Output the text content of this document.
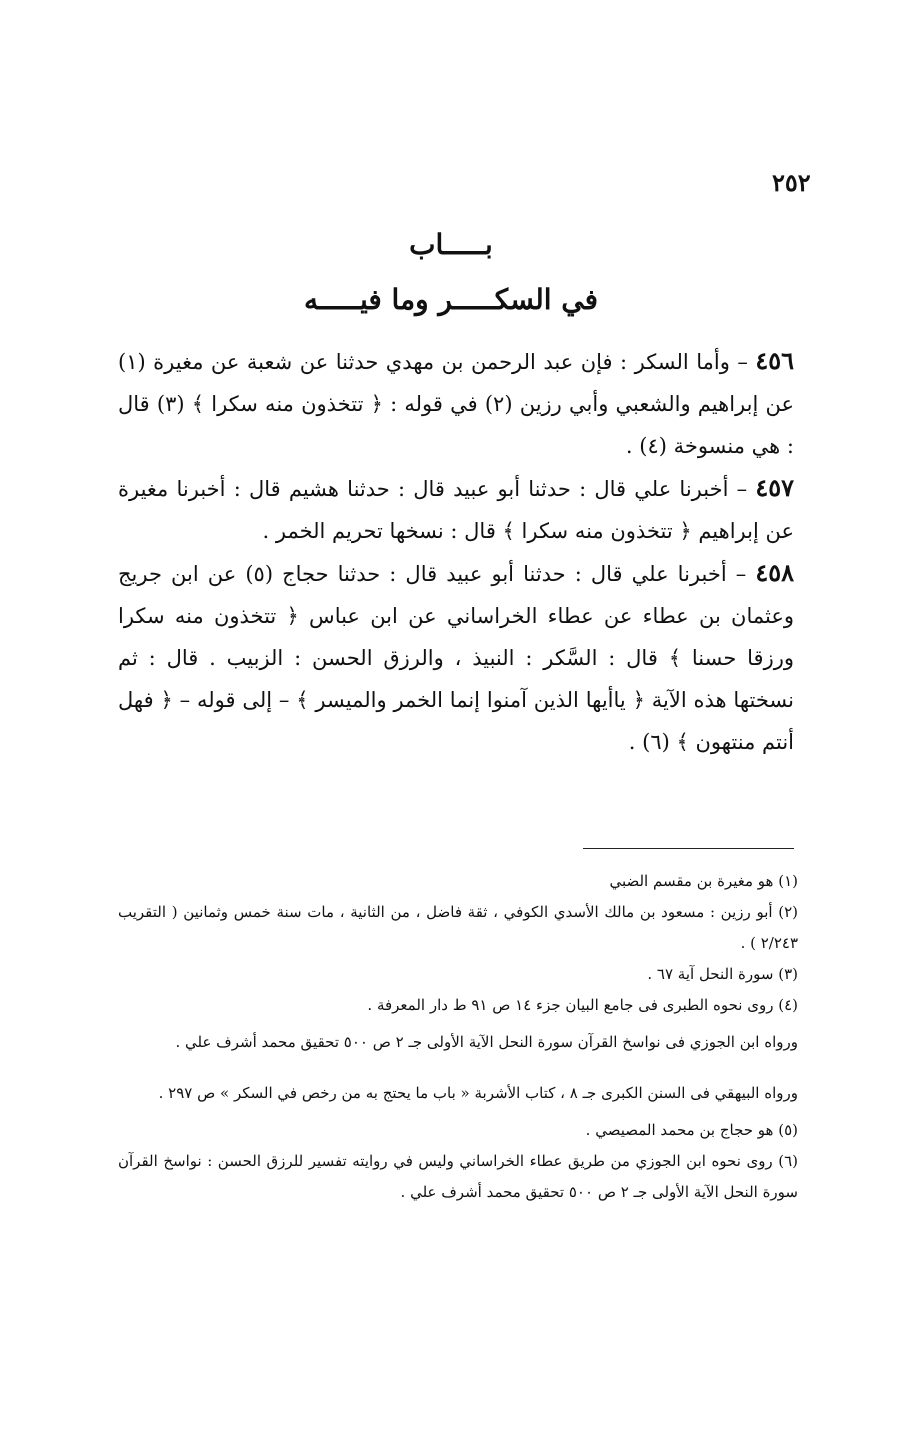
٢٥٢
بـــــاب
في السكـــــر وما فيـــــه

٤٥٦ – وأما السكر : فإن عبد الرحمن بن مهدي حدثنا عن شعبة عن مغيرة (١) عن إبراهيم والشعبي وأبي رزين (٢) في قوله : ﴿ تتخذون منه سكرا ﴾ (٣) قال : هي منسوخة (٤) .

٤٥٧ – أخبرنا علي قال : حدثنا أبو عبيد قال : حدثنا هشيم قال : أخبرنا مغيرة عن إبراهيم ﴿ تتخذون منه سكرا ﴾ قال : نسخها تحريم الخمر .

٤٥٨ – أخبرنا علي قال : حدثنا أبو عبيد قال : حدثنا حجاج (٥) عن ابن جريج وعثمان بن عطاء عن عطاء الخراساني عن ابن عباس ﴿ تتخذون منه سكرا ورزقا حسنا ﴾ قال : السَّكر : النبيذ ، والرزق الحسن : الزبيب . قال : ثم نسختها هذه الآية ﴿ ياأيها الذين آمنوا إنما الخمر والميسر ﴾ – إلى قوله – ﴿ فهل أنتم منتهون ﴾ (٦) .

(١) هو مغيرة بن مقسم الضبي

(٢) أبو رزين : مسعود بن مالك الأسدي الكوفي ، ثقة فاضل ، من الثانية ، مات سنة خمس وثمانين ( التقريب ٢/٢٤٣ ) .

(٣) سورة النحل آية ٦٧ .

(٤) روى نحوه الطبرى فى جامع البيان جزء ١٤ ص ٩١ ط دار المعرفة .

ورواه ابن الجوزي فى نواسخ القرآن سورة النحل الآية الأولى جـ ٢ ص ٥٠٠ تحقيق محمد أشرف علي .

ورواه البيهقي فى السنن الكبرى جـ ٨ ، كتاب الأشربة « باب ما يحتج به من رخص في السكر » ص ٢٩٧ .

(٥) هو حجاج بن محمد المصيصي .

(٦) روى نحوه ابن الجوزي من طريق عطاء الخراساني وليس في روايته تفسير للرزق الحسن : نواسخ القرآن سورة النحل الآية الأولى جـ ٢ ص ٥٠٠ تحقيق محمد أشرف علي .
